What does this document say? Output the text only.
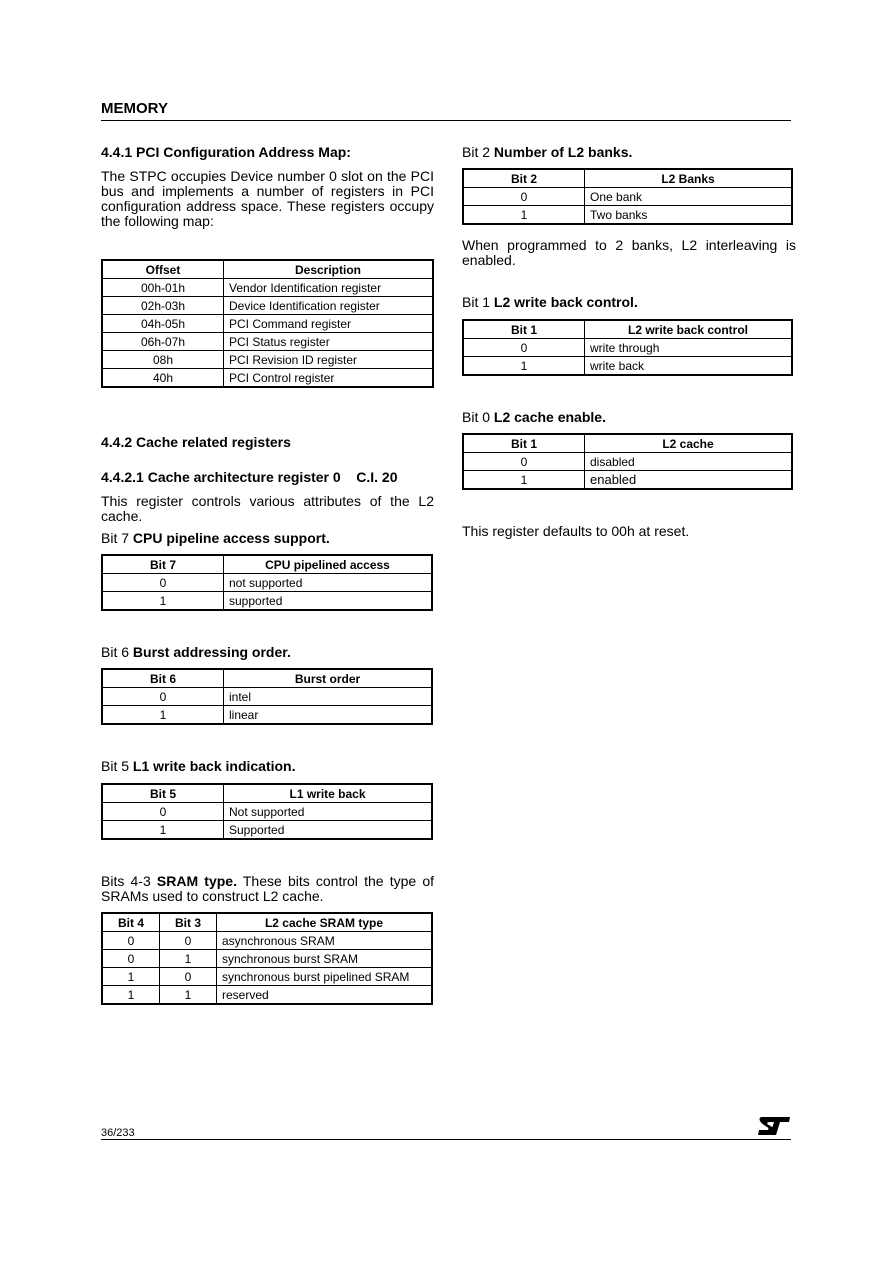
MEMORY
4.4.1 PCI Configuration Address Map:
The STPC occupies Device number 0 slot on the PCI bus and implements a number of registers in PCI configuration address space. These registers occupy the following map:
Offset	Description
00h-01h	Vendor Identification register
02h-03h	Device Identification register
04h-05h	PCI Command register
06h-07h	PCI Status register
08h	PCI Revision ID register
40h	PCI Control register
4.4.2 Cache related registers
4.4.2.1 Cache architecture register 0    C.I. 20
This register controls various attributes of the L2 cache.
Bit 7 CPU pipeline access support.
Bit 7	CPU pipelined access
0	not supported
1	supported
Bit 6 Burst addressing order.
Bit 6	Burst order
0	intel
1	linear
Bit 5 L1 write back indication.
Bit 5	L1 write back
0	Not supported
1	Supported
Bits 4-3 SRAM type. These bits control the type of SRAMs used to construct L2 cache.
Bit 4	Bit 3	L2 cache SRAM type
0	0	asynchronous SRAM
0	1	synchronous burst SRAM
1	0	synchronous burst pipelined SRAM
1	1	reserved
Bit 2 Number of L2 banks.
Bit 2	L2 Banks
0	One bank
1	Two banks
When programmed to 2 banks, L2 interleaving is enabled.
Bit 1 L2 write back control.
Bit 1	L2 write back control
0	write through
1	write back
Bit 0 L2 cache enable.
Bit 1	L2 cache
0	disabled
1	enabled
This register defaults to 00h at reset.
36/233
